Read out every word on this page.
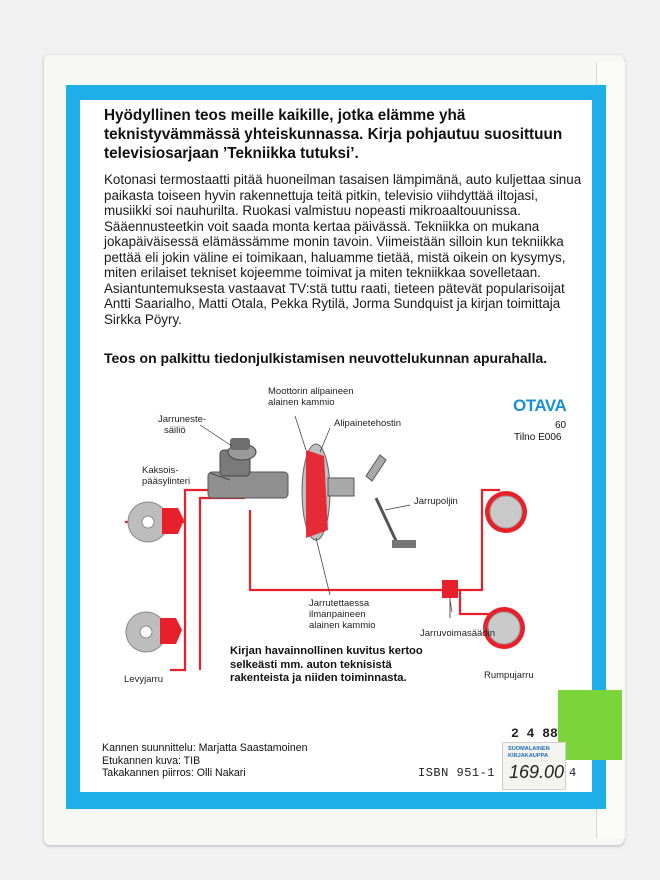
Hyödyllinen teos meille kaikille, jotka elämme yhä teknistyvämmässä yhteiskunnassa. Kirja pohjautuu suosittuun televisiosarjaan ’Tekniikka tutuksi’.

Kotonasi termostaatti pitää huoneilman tasaisen lämpimänä, auto kuljettaa sinua paikasta toiseen hyvin rakennettuja teitä pitkin, televisio viihdyttää iltojasi, musiikki soi nauhurilta. Ruokasi valmistuu nopeasti mikroaaltouunissa. Sääennusteetkin voit saada monta kertaa päivässä. Tekniikka on mukana jokapäiväisessä elämässämme monin tavoin. Viimeistään silloin kun tekniikka pettää eli jokin väline ei toimikaan, haluamme tietää, mistä oikein on kysymys, miten erilaiset tekniset kojeemme toimivat ja miten tekniikkaa sovelletaan.

Asiantuntemuksesta vastaavat TV:stä tuttu raati, tieteen pätevät popularisoijat Antti Saarialho, Matti Otala, Pekka Rytilä, Jorma Sundquist ja kirjan toimittaja Sirkka Pöyry.

Teos on palkittu tiedonjulkistamisen neuvottelukunnan apurahalla.

Jarruneste-
säiliö
Kaksois-
pääsylinteri
Moottorin alipaineen
alainen kammio
Alipainetehostin
Jarrupoljin
Jarrutettaessa
ilmanpaineen
alainen kammio
Jarruvoimasäädin
Levyjarru	Rumpujarru
OTAVA
60
Tilno E006

Kirjan havainnollinen kuvitus kertoo selkeästi mm. auton teknisistä rakenteista ja niiden toiminnasta.

Kannen suunnittelu: Marjatta Saastamoinen
Etukannen kuva: TIB
Takakannen piirros: Olli Nakari	ISBN 951-1	4
2 4 88
SUOMALAINEN KIRJAKAUPPA
169.00
